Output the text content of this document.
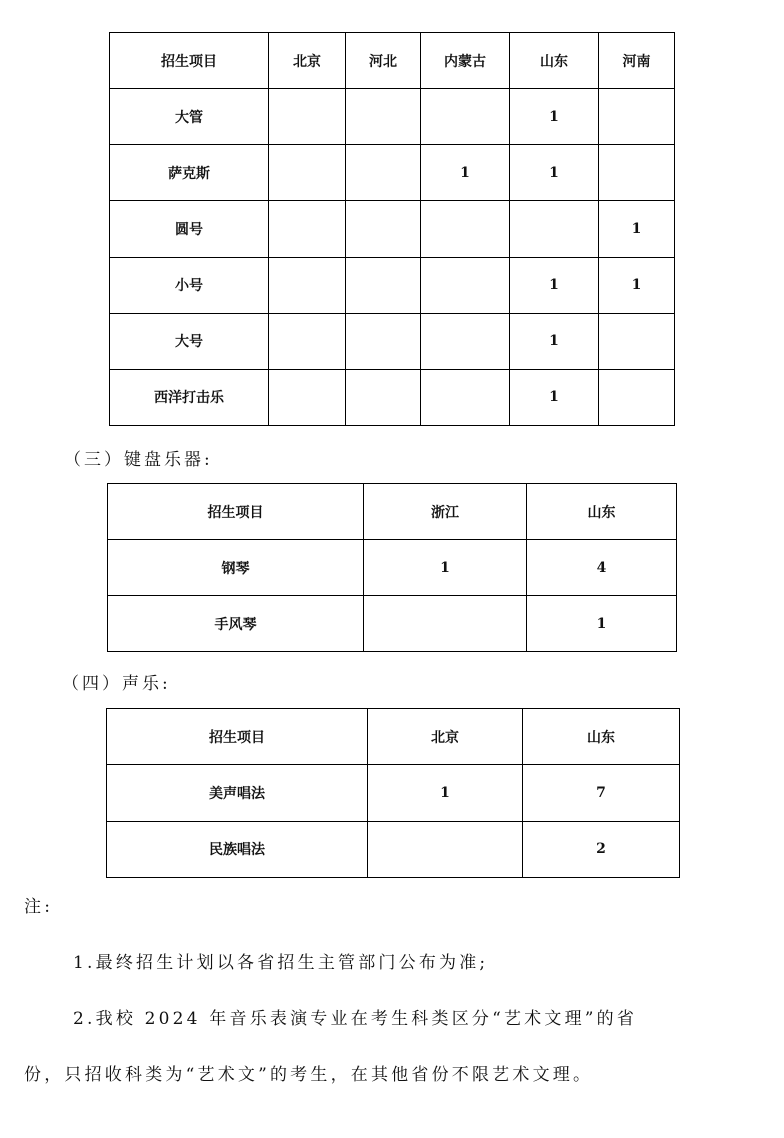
招生项目	北京	河北	内蒙古	山东	河南
大管				1	
萨克斯			1	1	
圆号					1
小号				1	1
大号				1	
西洋打击乐				1	
（三）键盘乐器:
招生项目	浙江	山东
钢琴	1	4
手风琴		1
（四）声乐:
招生项目	北京	山东
美声唱法	1	7
民族唱法		2
注:
1.最终招生计划以各省招生主管部门公布为准;
2.我校 2024 年音乐表演专业在考生科类区分“艺术文理”的省
份，只招收科类为“艺术文”的考生，在其他省份不限艺术文理。
